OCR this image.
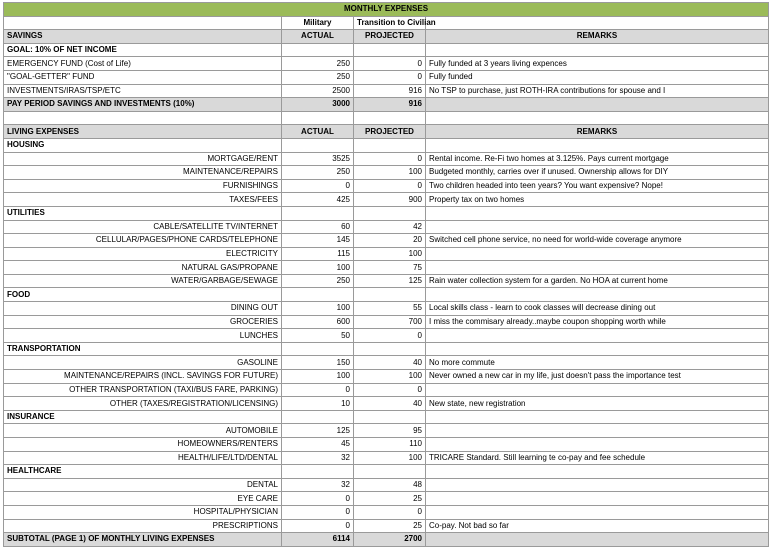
MONTHLY EXPENSES			
	Military	Transition to Civilian	
SAVINGS	ACTUAL	PROJECTED	REMARKS
GOAL: 10% OF NET INCOME			
EMERGENCY FUND (Cost of Life)	250	0	Fully funded at 3 years living expences
"GOAL-GETTER" FUND	250	0	Fully funded
INVESTMENTS/IRAS/TSP/ETC	2500	916	No TSP to purchase, just ROTH-IRA contributions for spouse and I
PAY PERIOD SAVINGS AND INVESTMENTS (10%)	3000	916	

LIVING EXPENSES	ACTUAL	PROJECTED	REMARKS
HOUSING			
MORTGAGE/RENT	3525	0	Rental income. Re-Fi two homes at 3.125%. Pays current mortgage
MAINTENANCE/REPAIRS	250	100	Budgeted monthly, carries over if unused. Ownership allows for DIY
FURNISHINGS	0	0	Two children headed into teen years? You want expensive? Nope!
TAXES/FEES	425	900	Property tax on two homes
UTILITIES			
CABLE/SATELLITE TV/INTERNET	60	42	
CELLULAR/PAGES/PHONE CARDS/TELEPHONE	145	20	Switched cell phone service, no need for world-wide coverage anymore
ELECTRICITY	115	100	
NATURAL GAS/PROPANE	100	75	
WATER/GARBAGE/SEWAGE	250	125	Rain water collection system for a garden. No HOA at current home
FOOD			
DINING OUT	100	55	Local skills class - learn to cook classes will decrease dining out
GROCERIES	600	700	I miss the commisary already..maybe coupon shopping worth while
LUNCHES	50	0	
TRANSPORTATION			
GASOLINE	150	40	No more commute
MAINTENANCE/REPAIRS (INCL. SAVINGS FOR FUTURE)	100	100	Never owned a new car in my life, just doesn't pass the importance test
OTHER TRANSPORTATION (TAXI/BUS FARE, PARKING)	0	0	
OTHER (TAXES/REGISTRATION/LICENSING)	10	40	New state, new registration
INSURANCE			
AUTOMOBILE	125	95	
HOMEOWNERS/RENTERS	45	110	
HEALTH/LIFE/LTD/DENTAL	32	100	TRICARE Standard. Still learning te co-pay and fee schedule
HEALTHCARE			
DENTAL	32	48	
EYE CARE	0	25	
HOSPITAL/PHYSICIAN	0	0	
PRESCRIPTIONS	0	25	Co-pay. Not bad so far
SUBTOTAL (PAGE 1) OF MONTHLY LIVING EXPENSES	6114	2700	
